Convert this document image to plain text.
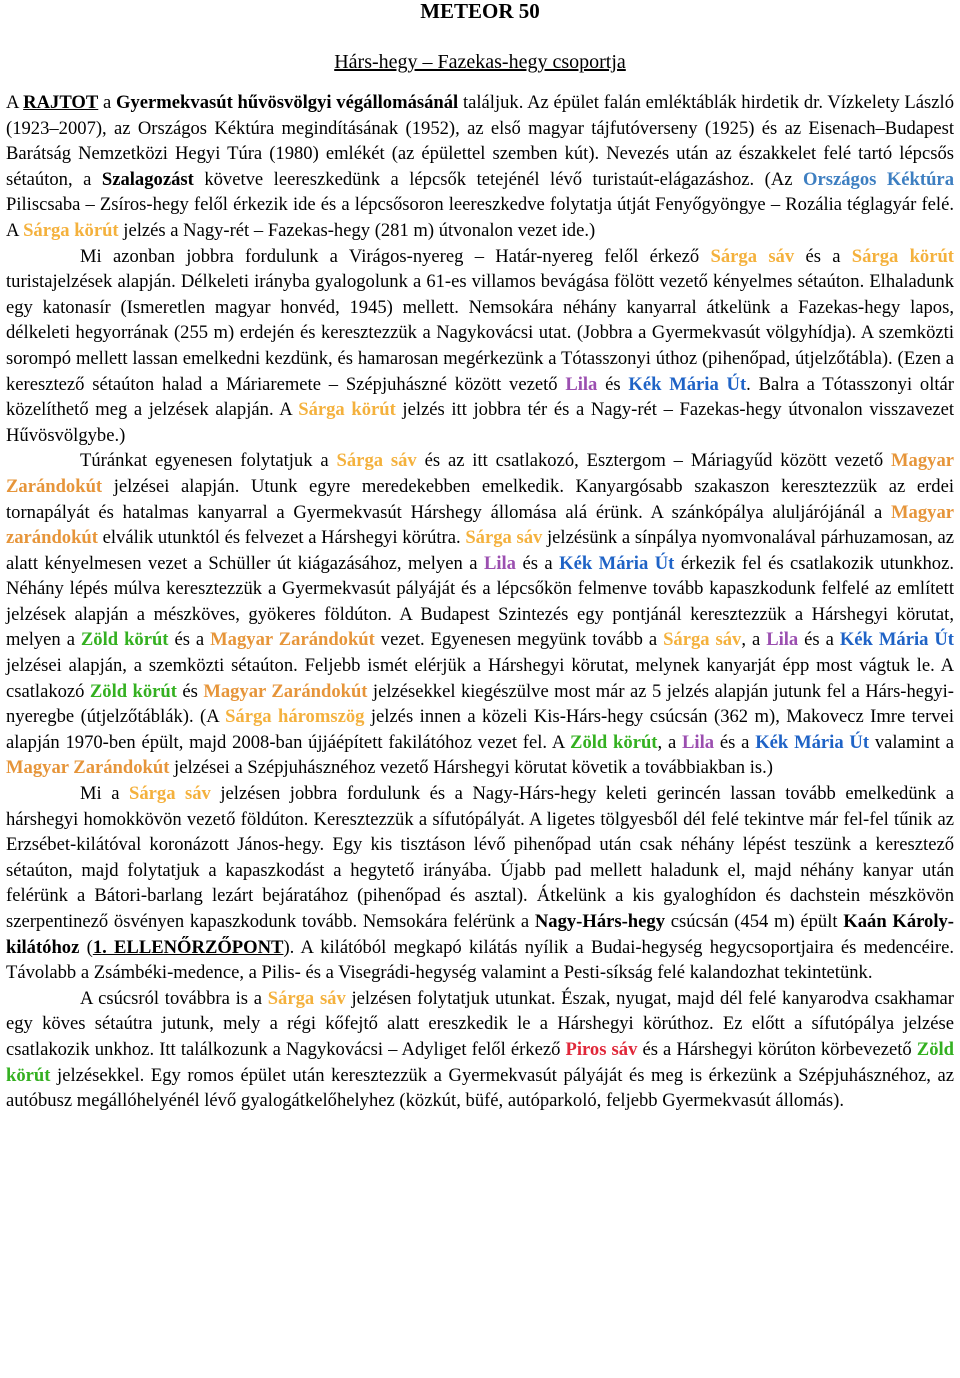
METEOR 50
Hárs-hegy – Fazekas-hegy csoportja

A RAJTOT a Gyermekvasút hűvösvölgyi végállomásánál találjuk. Az épület falán emléktáblák hirdetik dr. Vízkelety László (1923–2007), az Országos Kéktúra megindításának (1952), az első magyar tájfutóverseny (1925) és az Eisenach–Budapest Barátság Nemzetközi Hegyi Túra (1980) emlékét (az épülettel szemben kút). Nevezés után az északkelet felé tartó lépcsős sétaúton, a Szalagozást követve leereszkedünk a lépcsők tetejénél lévő turistaút-elágazáshoz. (Az Országos Kéktúra Piliscsaba – Zsíros-hegy felől érkezik ide és a lépcsősoron leereszkedve folytatja útját Fenyőgyöngye – Rozália téglagyár felé. A Sárga körút jelzés a Nagy-rét – Fazekas-hegy (281 m) útvonalon vezet ide.)

Mi azonban jobbra fordulunk a Virágos-nyereg – Határ-nyereg felől érkező Sárga sáv és a Sárga körút turistajelzések alapján. Délkeleti irányba gyalogolunk a 61-es villamos bevágása fölött vezető kényelmes sétaúton. Elhaladunk egy katonasír (Ismeretlen magyar honvéd, 1945) mellett. Nemsokára néhány kanyarral átkelünk a Fazekas-hegy lapos, délkeleti hegyorrának (255 m) erdején és keresztezzük a Nagykovácsi utat. (Jobbra a Gyermekvasút völgyhídja). A szemközti sorompó mellett lassan emelkedni kezdünk, és hamarosan megérkezünk a Tótasszonyi úthoz (pihenőpad, útjelzőtábla). (Ezen a keresztező sétaúton halad a Máriaremete – Szépjuhászné között vezető Lila és Kék Mária Út. Balra a Tótasszonyi oltár közelíthető meg a jelzések alapján. A Sárga körút jelzés itt jobbra tér és a Nagy-rét – Fazekas-hegy útvonalon visszavezet Hűvösvölgybe.)

Túránkat egyenesen folytatjuk a Sárga sáv és az itt csatlakozó, Esztergom – Máriagyűd között vezető Magyar Zarándokút jelzései alapján. Utunk egyre meredekebben emelkedik. Kanyargósabb szakaszon keresztezzük az erdei tornapályát és hatalmas kanyarral a Gyermekvasút Hárshegy állomása alá érünk. A szánkópálya aluljárójánál a Magyar zarándokút elválik utunktól és felvezet a Hárshegyi körútra. Sárga sáv jelzésünk a sínpálya nyomvonalával párhuzamosan, az alatt kényelmesen vezet a Schüller út kiágazásához, melyen a Lila és a Kék Mária Út érkezik fel és csatlakozik utunkhoz. Néhány lépés múlva keresztezzük a Gyermekvasút pályáját és a lépcsőkön felmenve tovább kapaszkodunk felfelé az említett jelzések alapján a mészköves, gyökeres földúton. A Budapest Szintezés egy pontjánál keresztezzük a Hárshegyi körutat, melyen a Zöld körút és a Magyar Zarándokút vezet. Egyenesen megyünk tovább a Sárga sáv, a Lila és a Kék Mária Út jelzései alapján, a szemközti sétaúton. Feljebb ismét elérjük a Hárshegyi körutat, melynek kanyarját épp most vágtuk le. A csatlakozó Zöld körút és Magyar Zarándokút jelzésekkel kiegészülve most már az 5 jelzés alapján jutunk fel a Hárs-hegyi-nyeregbe (útjelzőtáblák). (A Sárga háromszög jelzés innen a közeli Kis-Hárs-hegy csúcsán (362 m), Makovecz Imre tervei alapján 1970-ben épült, majd 2008-ban újjáépített fakilátóhoz vezet fel. A Zöld körút, a Lila és a Kék Mária Út valamint a Magyar Zarándokút jelzései a Szépjuhásznéhoz vezető Hárshegyi körutat követik a továbbiakban is.)

Mi a Sárga sáv jelzésen jobbra fordulunk és a Nagy-Hárs-hegy keleti gerincén lassan tovább emelkedünk a hárshegyi homokkövön vezető földúton. Keresztezzük a sífutópályát. A ligetes tölgyesből dél felé tekintve már fel-fel tűnik az Erzsébet-kilátóval koronázott János-hegy. Egy kis tisztáson lévő pihenőpad után csak néhány lépést teszünk a keresztező sétaúton, majd folytatjuk a kapaszkodást a hegytető irányába. Újabb pad mellett haladunk el, majd néhány kanyar után felérünk a Bátori-barlang lezárt bejáratához (pihenőpad és asztal). Átkelünk a kis gyaloghídon és dachstein mészkövön szerpentinező ösvényen kapaszkodunk tovább. Nemsokára felérünk a Nagy-Hárs-hegy csúcsán (454 m) épült Kaán Károly-kilátóhoz (1. ELLENŐRZŐPONT). A kilátóból megkapó kilátás nyílik a Budai-hegység hegycsoportjaira és medencéire. Távolabb a Zsámbéki-medence, a Pilis- és a Visegrádi-hegység valamint a Pesti-síkság felé kalandozhat tekintetünk.

A csúcsról továbbra is a Sárga sáv jelzésen folytatjuk utunkat. Észak, nyugat, majd dél felé kanyarodva csakhamar egy köves sétaútra jutunk, mely a régi kőfejtő alatt ereszkedik le a Hárshegyi körúthoz. Ez előtt a sífutópálya jelzése csatlakozik unkhoz. Itt találkozunk a Nagykovácsi – Adyliget felől érkező Piros sáv és a Hárshegyi körúton körbevezető Zöld körút jelzésekkel. Egy romos épület után keresztezzük a Gyermekvasút pályáját és meg is érkezünk a Szépjuhásznéhoz, az autóbusz megállóhelyénél lévő gyalogátkelőhelyhez (közkút, büfé, autóparkoló, feljebb Gyermekvasút állomás).
